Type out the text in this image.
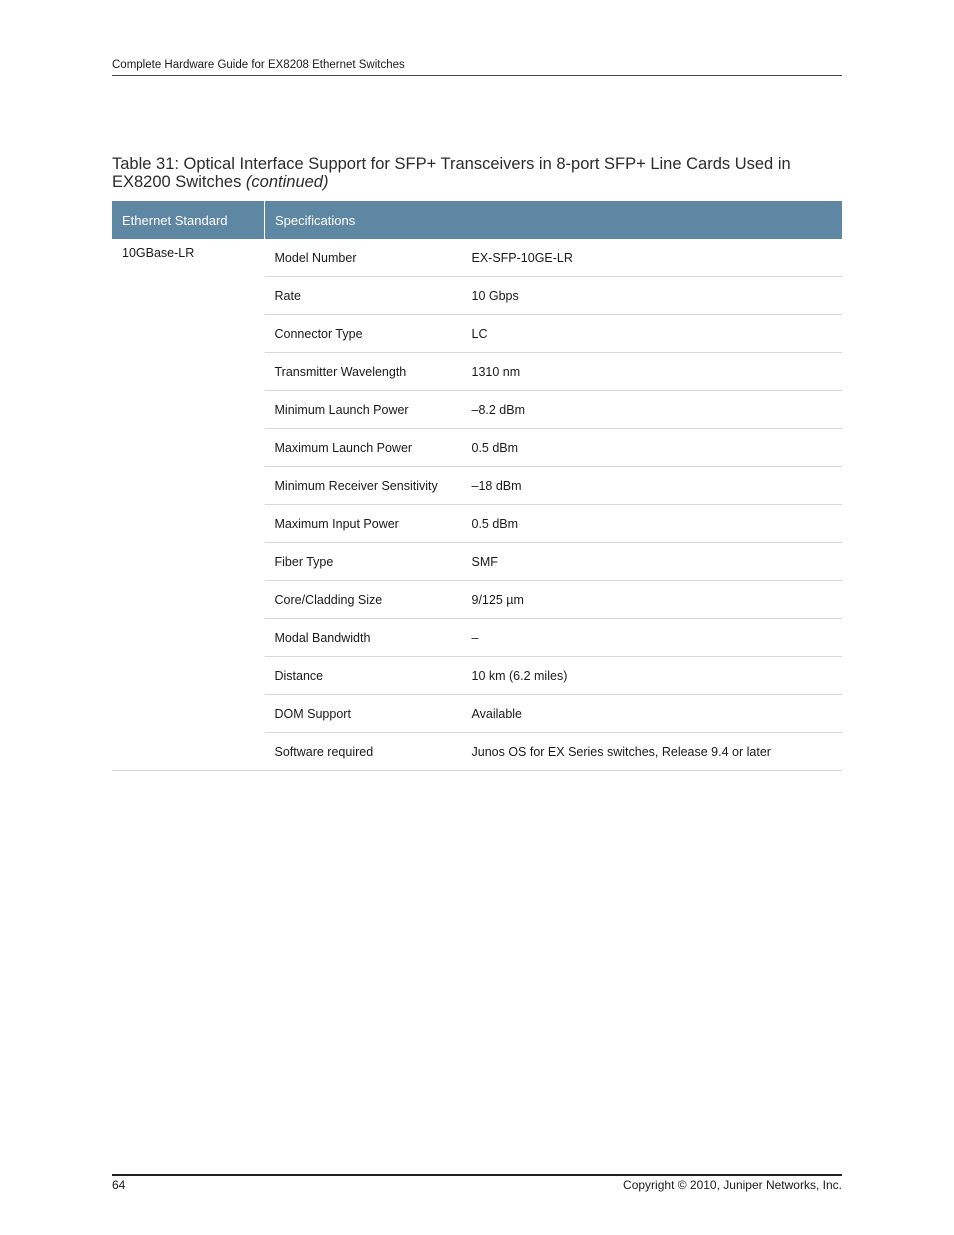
Complete Hardware Guide for EX8208 Ethernet Switches
Table 31: Optical Interface Support for SFP+ Transceivers in 8-port SFP+ Line Cards Used in EX8200 Switches (continued)
Ethernet Standard	Specifications	
10GBase-LR	Model Number	EX-SFP-10GE-LR
	Rate	10 Gbps
	Connector Type	LC
	Transmitter Wavelength	1310 nm
	Minimum Launch Power	–8.2 dBm
	Maximum Launch Power	0.5 dBm
	Minimum Receiver Sensitivity	–18 dBm
	Maximum Input Power	0.5 dBm
	Fiber Type	SMF
	Core/Cladding Size	9/125 µm
	Modal Bandwidth	–
	Distance	10 km (6.2 miles)
	DOM Support	Available
	Software required	Junos OS for EX Series switches, Release 9.4 or later
64	Copyright © 2010, Juniper Networks, Inc.
